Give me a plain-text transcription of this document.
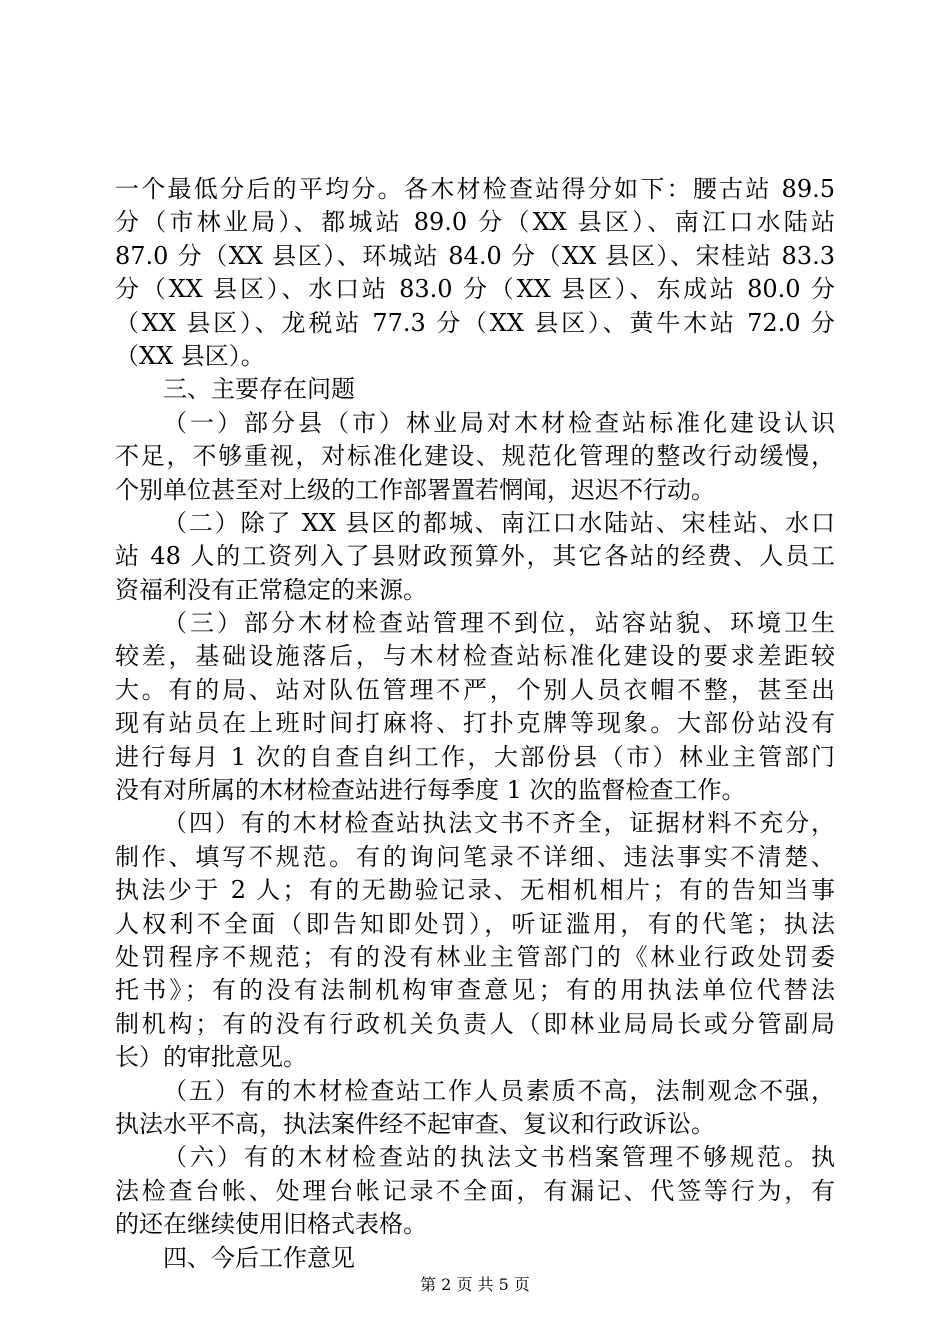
一个最低分后的平均分。各木材检查站得分如下：腰古站 89.5
分（市林业局）、都城站 89.0 分（XX 县区）、南江口水陆站
87.0 分（XX 县区）、环城站 84.0 分（XX 县区）、宋桂站 83.3
分（XX 县区）、水口站 83.0 分（XX 县区）、东成站 80.0 分
（XX 县区）、龙税站 77.3 分（XX 县区）、黄牛木站 72.0 分
（XX 县区）。
三、主要存在问题
（一）部分县（市）林业局对木材检查站标准化建设认识
不足，不够重视，对标准化建设、规范化管理的整改行动缓慢，
个别单位甚至对上级的工作部署置若惘闻，迟迟不行动。
（二）除了 XX 县区的都城、南江口水陆站、宋桂站、水口
站 48 人的工资列入了县财政预算外，其它各站的经费、人员工
资福利没有正常稳定的来源。
（三）部分木材检查站管理不到位，站容站貌、环境卫生
较差，基础设施落后，与木材检查站标准化建设的要求差距较
大。有的局、站对队伍管理不严，个别人员衣帽不整，甚至出
现有站员在上班时间打麻将、打扑克牌等现象。大部份站没有
进行每月 1 次的自查自纠工作，大部份县（市）林业主管部门
没有对所属的木材检查站进行每季度 1 次的监督检查工作。
（四）有的木材检查站执法文书不齐全，证据材料不充分，
制作、填写不规范。有的询问笔录不详细、违法事实不清楚、
执法少于 2 人；有的无勘验记录、无相机相片；有的告知当事
人权利不全面（即告知即处罚），听证滥用，有的代笔；执法
处罚程序不规范；有的没有林业主管部门的《林业行政处罚委
托书》；有的没有法制机构审查意见；有的用执法单位代替法
制机构；有的没有行政机关负责人（即林业局局长或分管副局
长）的审批意见。
（五）有的木材检查站工作人员素质不高，法制观念不强，
执法水平不高，执法案件经不起审查、复议和行政诉讼。
（六）有的木材检查站的执法文书档案管理不够规范。执
法检查台帐、处理台帐记录不全面，有漏记、代签等行为，有
的还在继续使用旧格式表格。
四、今后工作意见
第 2 页 共 5 页
